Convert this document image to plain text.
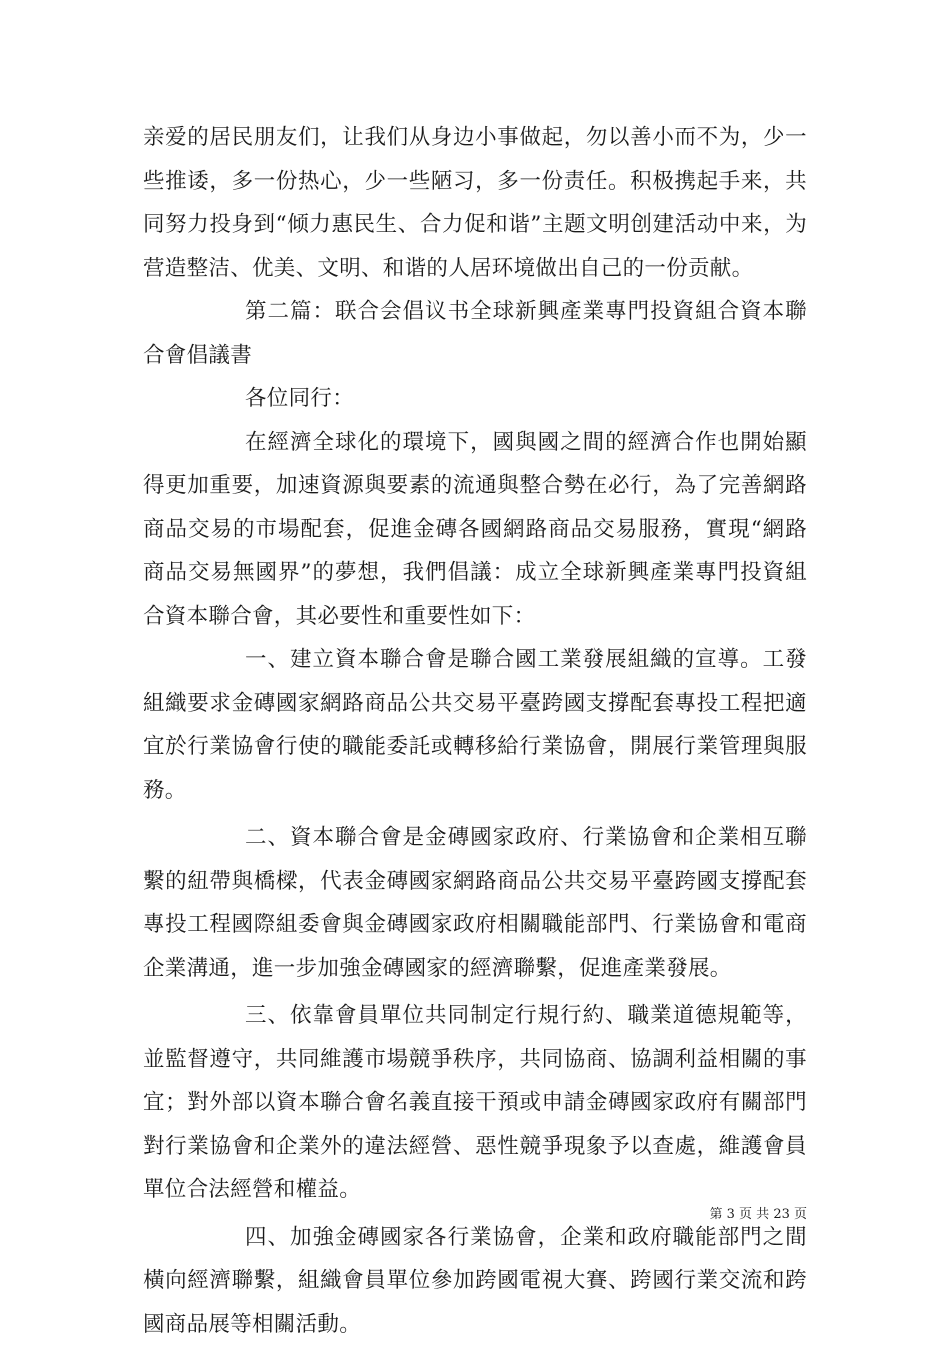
亲爱的居民朋友们，让我们从身边小事做起，勿以善小而不为，少一些推诿，多一份热心，少一些陋习，多一份责任。积极携起手来，共同努力投身到“倾力惠民生、合力促和谐”主题文明创建活动中来，为营造整洁、优美、文明、和谐的人居环境做出自己的一份贡献。

第二篇：联合会倡议书全球新興產業專門投資組合資本聯合會倡議書

各位同行：

在經濟全球化的環境下，國與國之間的經濟合作也開始顯得更加重要，加速資源與要素的流通與整合勢在必行，為了完善網路商品交易的市場配套，促進金磚各國網路商品交易服務，實現“網路商品交易無國界”的夢想，我們倡議：成立全球新興產業專門投資組合資本聯合會，其必要性和重要性如下：

一、建立資本聯合會是聯合國工業發展組織的宣導。工發組織要求金磚國家網路商品公共交易平臺跨國支撐配套專投工程把適宜於行業協會行使的職能委託或轉移給行業協會，開展行業管理與服務。

二、資本聯合會是金磚國家政府、行業協會和企業相互聯繫的紐帶與橋樑，代表金磚國家網路商品公共交易平臺跨國支撐配套專投工程國際組委會與金磚國家政府相關職能部門、行業協會和電商企業溝通，進一步加強金磚國家的經濟聯繫，促進產業發展。

三、依靠會員單位共同制定行規行約、職業道德規範等，並監督遵守，共同維護市場競爭秩序，共同協商、協調利益相關的事宜；對外部以資本聯合會名義直接干預或申請金磚國家政府有關部門對行業協會和企業外的違法經營、惡性競爭現象予以查處，維護會員單位合法經營和權益。

四、加強金磚國家各行業協會，企業和政府職能部門之間橫向經濟聯繫，組織會員單位參加跨國電視大賽、跨國行業交流和跨國商品展等相關活動。

第 3 页 共 23 页
